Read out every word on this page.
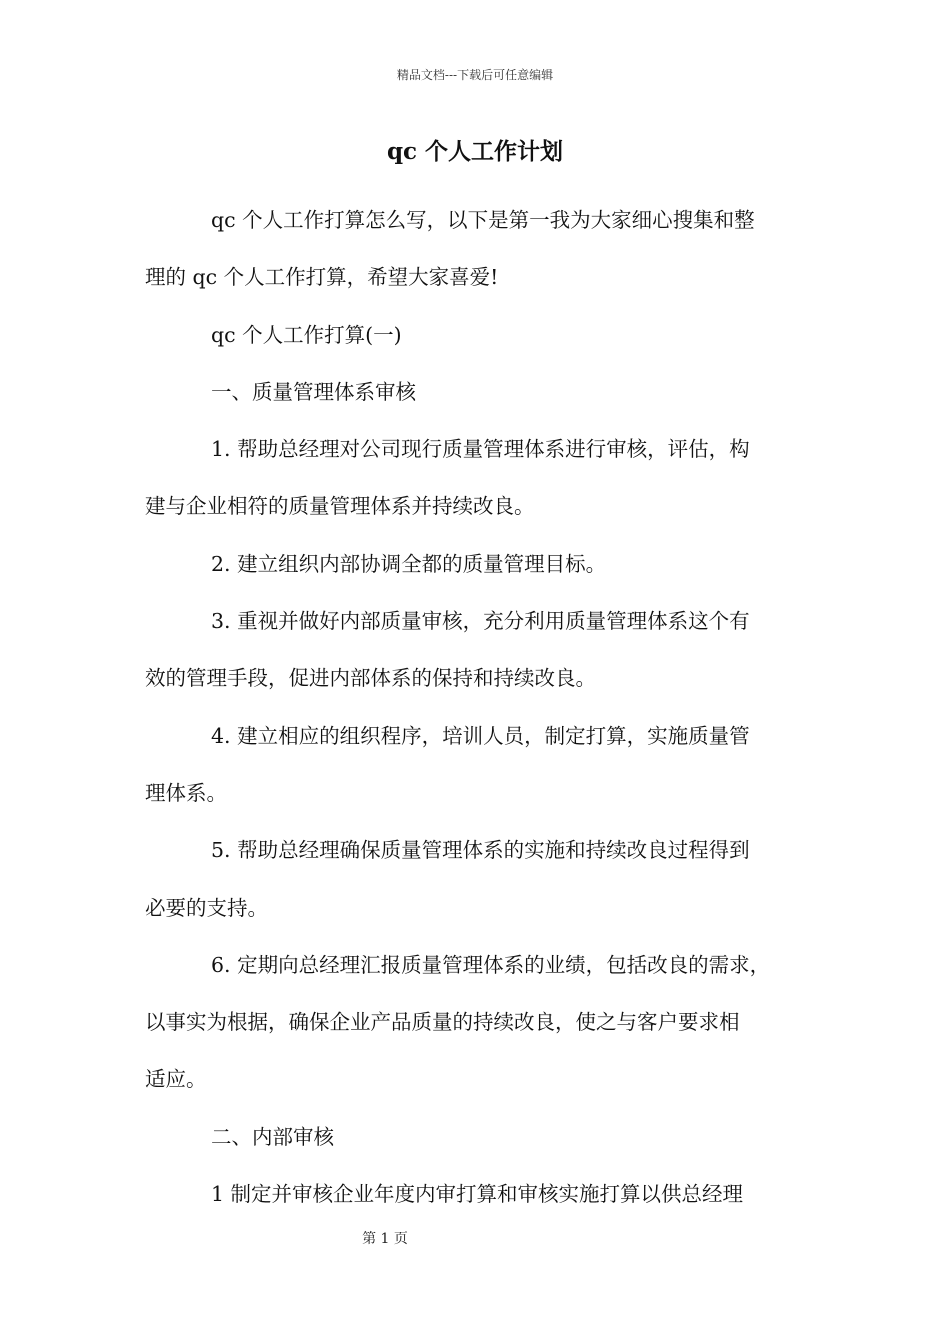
精品文档---下载后可任意编辑
qc 个人工作计划

qc 个人工作打算怎么写，以下是第一我为大家细心搜集和整
理的 qc 个人工作打算，希望大家喜爱!

qc 个人工作打算(一)

一、质量管理体系审核

1. 帮助总经理对公司现行质量管理体系进行审核，评估，构
建与企业相符的质量管理体系并持续改良。

2. 建立组织内部协调全都的质量管理目标。

3. 重视并做好内部质量审核，充分利用质量管理体系这个有
效的管理手段，促进内部体系的保持和持续改良。

4. 建立相应的组织程序，培训人员，制定打算，实施质量管
理体系。

5. 帮助总经理确保质量管理体系的实施和持续改良过程得到
必要的支持。

6. 定期向总经理汇报质量管理体系的业绩，包括改良的需求，
以事实为根据，确保企业产品质量的持续改良，使之与客户要求相
适应。

二、内部审核

1 制定并审核企业年度内审打算和审核实施打算以供总经理

第 1 页
